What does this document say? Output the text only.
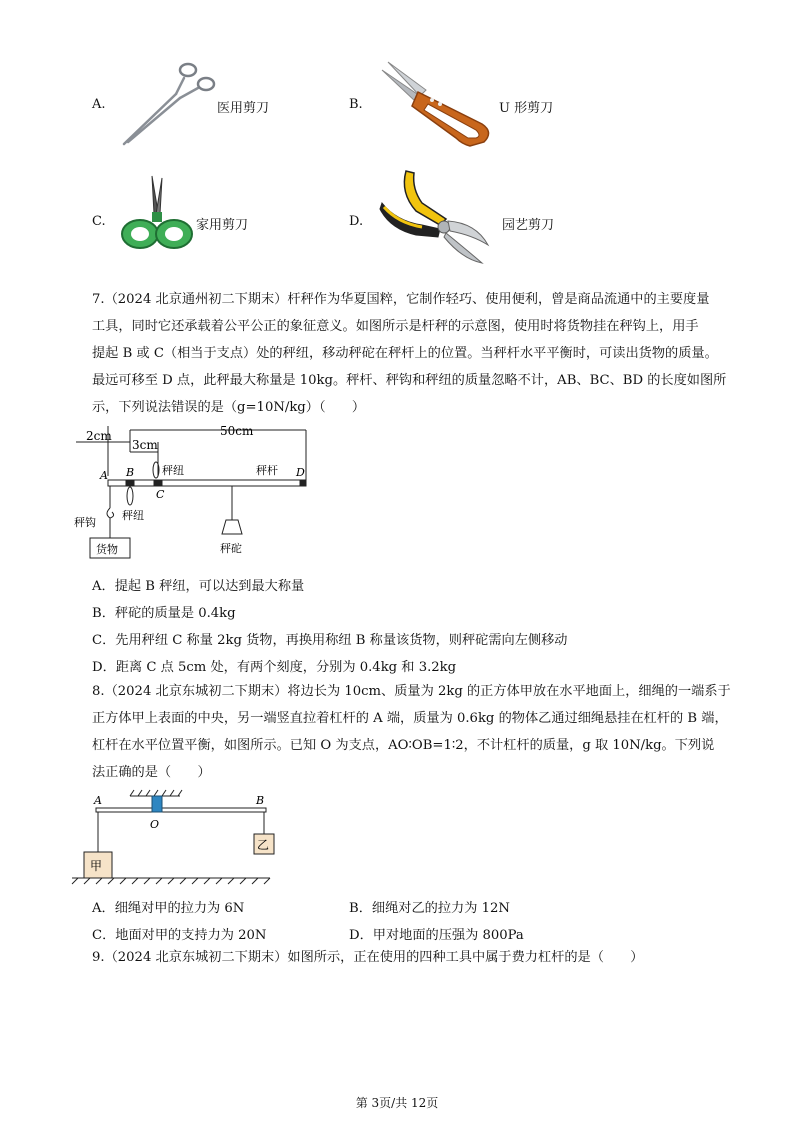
A.	医用剪刀	B.	U 形剪刀
C.	家用剪刀	D.	园艺剪刀
7.（2024 北京通州初二下期末）杆秤作为华夏国粹，它制作轻巧、使用便利，曾是商品流通中的主要度量
工具，同时它还承载着公平公正的象征意义。如图所示是杆秤的示意图，使用时将货物挂在秤钩上，用手
提起 B 或 C（相当于支点）处的秤纽，移动秤砣在秤杆上的位置。当秤杆水平平衡时，可读出货物的质量。
最远可移至 D 点，此秤最大称量是 10kg。秤杆、秤钩和秤纽的质量忽略不计，AB、BC、BD 的长度如图所
示，下列说法错误的是（g=10N/kg）（　　）
2cm
3cm
50cm
A B
C
D
秤纽	秤杆
秤钩
秤纽
货物	秤砣
A．提起 B 秤纽，可以达到最大称量
B．秤砣的质量是 0.4kg
C．先用秤纽 C 称量 2kg 货物，再换用称纽 B 称量该货物，则秤砣需向左侧移动
D．距离 C 点 5cm 处，有两个刻度，分别为 0.4kg 和 3.2kg
8.（2024 北京东城初二下期末）将边长为 10cm、质量为 2kg 的正方体甲放在水平地面上，细绳的一端系于
正方体甲上表面的中央，另一端竖直拉着杠杆的 A 端，质量为 0.6kg 的物体乙通过细绳悬挂在杠杆的 B 端，
杠杆在水平位置平衡，如图所示。已知 O 为支点，AO∶OB=1∶2，不计杠杆的质量，g 取 10N/kg。下列说
法正确的是（　　）
A	B
O
甲
乙
A．细绳对甲的拉力为 6N	B．细绳对乙的拉力为 12N
C．地面对甲的支持力为 20N	D．甲对地面的压强为 800Pa
9.（2024 北京东城初二下期末）如图所示，正在使用的四种工具中属于费力杠杆的是（　　）
第 3页/共 12页
